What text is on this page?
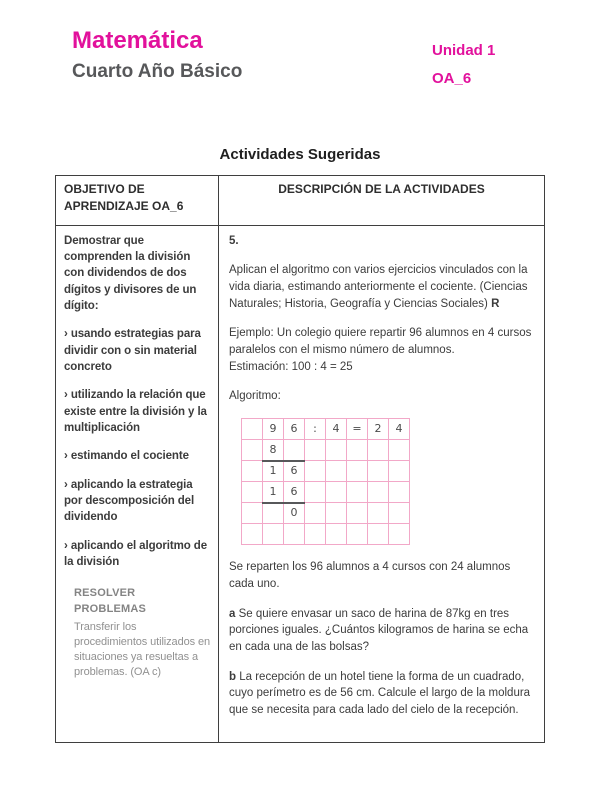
Matemática
Cuarto Año Básico
Unidad 1
OA_6
Actividades Sugeridas
OBJETIVO DE APRENDIZAJE OA_6	DESCRIPCIÓN DE LA ACTIVIDADES

Demostrar que comprenden la división con dividendos de dos dígitos y divisores de un dígito:

› usando estrategias para dividir con o sin material concreto

› utilizando la relación que existe entre la división y la multiplicación

› estimando el cociente

› aplicando la estrategia por descomposición del dividendo

› aplicando el algoritmo de la división

RESOLVER PROBLEMAS
Transferir los procedimientos utilizados en situaciones ya resueltas a problemas. (OA c)

5.

Aplican el algoritmo con varios ejercicios vinculados con la vida diaria, estimando anteriormente el cociente. (Ciencias Naturales; Historia, Geografía y Ciencias Sociales) R

Ejemplo: Un colegio quiere repartir 96 alumnos en 4 cursos paralelos con el mismo número de alumnos.
Estimación: 100 : 4 = 25

Algoritmo:

	9	6	:	4	=	2	4
	8						
	1	6					
	1	6					
		0					

Se reparten los 96 alumnos a 4 cursos con 24 alumnos cada uno.

a Se quiere envasar un saco de harina de 87kg en tres porciones iguales. ¿Cuántos kilogramos de harina se echa en cada una de las bolsas?

b La recepción de un hotel tiene la forma de un cuadrado, cuyo perímetro es de 56 cm. Calcule el largo de la moldura que se necesita para cada lado del cielo de la recepción.
